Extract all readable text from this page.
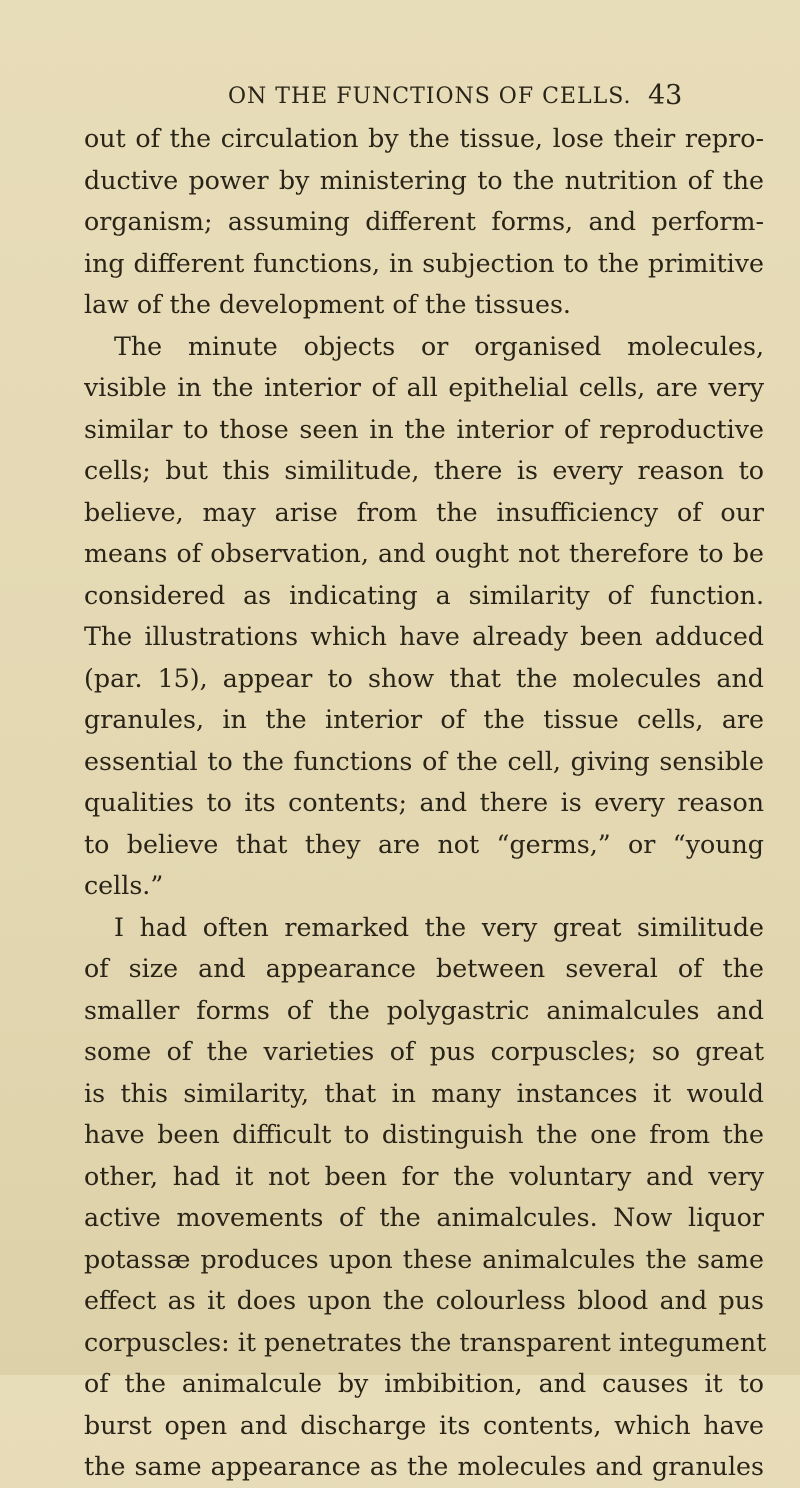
ON THE FUNCTIONS OF CELLS. 43
out of the circulation by the tissue, lose their repro-
ductive power by ministering to the nutrition of the
organism; assuming different forms, and perform-
ing different functions, in subjection to the primitive
law of the development of the tissues.
The minute objects or organised molecules,
visible in the interior of all epithelial cells, are very
similar to those seen in the interior of reproductive
cells; but this similitude, there is every reason to
believe, may arise from the insufficiency of our
means of observation, and ought not therefore to be
considered as indicating a similarity of function.
The illustrations which have already been adduced
(par. 15), appear to show that the molecules and
granules, in the interior of the tissue cells, are
essential to the functions of the cell, giving sensible
qualities to its contents; and there is every reason
to believe that they are not “germs,” or “young
cells.”
I had often remarked the very great similitude
of size and appearance between several of the
smaller forms of the polygastric animalcules and
some of the varieties of pus corpuscles; so great
is this similarity, that in many instances it would
have been difficult to distinguish the one from the
other, had it not been for the voluntary and very
active movements of the animalcules. Now liquor
potassæ produces upon these animalcules the same
effect as it does upon the colourless blood and pus
corpuscles: it penetrates the transparent integument
of the animalcule by imbibition, and causes it to
burst open and discharge its contents, which have
the same appearance as the molecules and granules
